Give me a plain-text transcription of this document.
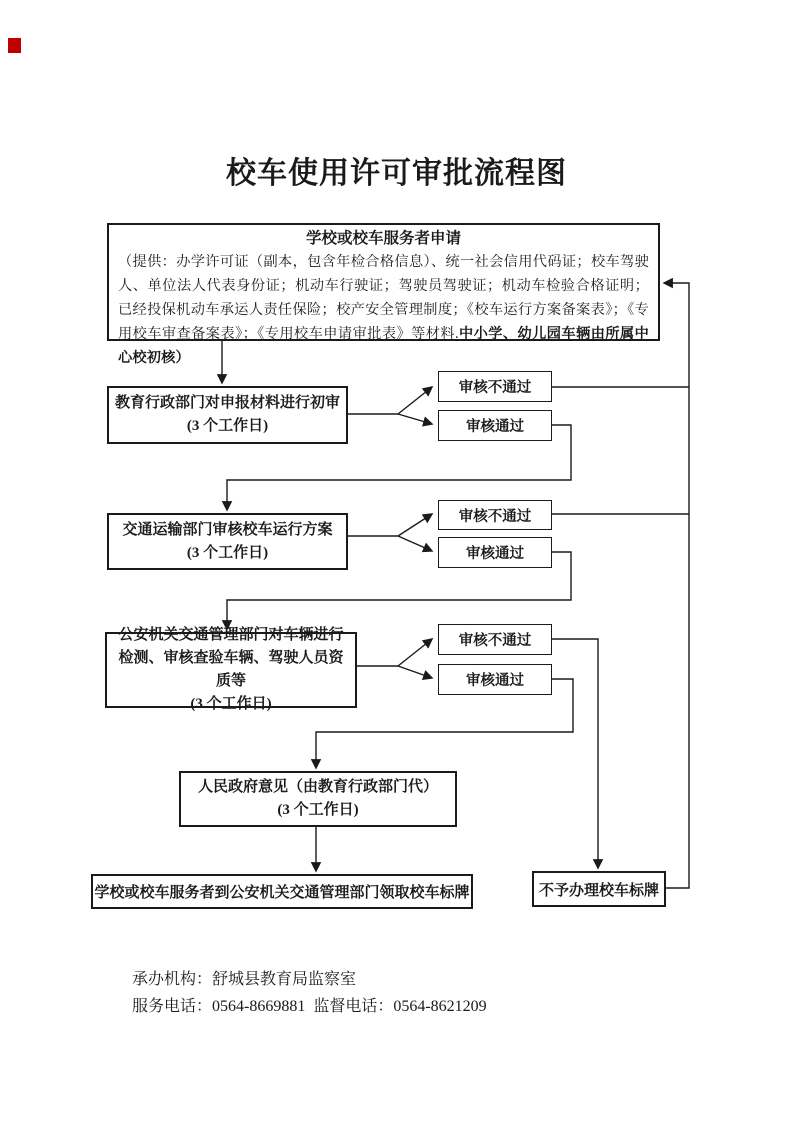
校车使用许可审批流程图
学校或校车服务者申请
（提供：办学许可证（副本，包含年检合格信息）、统一社会信用代码证；校车驾驶人、单位法人代表身份证；机动车行驶证；驾驶员驾驶证；机动车检验合格证明；已经投保机动车承运人责任保险；校产安全管理制度；《校车运行方案备案表》；《专用校车审查备案表》；《专用校车申请审批表》等材料.中小学、幼儿园车辆由所属中心校初核）
教育行政部门对申报材料进行初审
(3 个工作日)
审核不通过
审核通过
交通运输部门审核校车运行方案
(3 个工作日)
审核不通过
审核通过
公安机关交通管理部门对车辆进行检测、审核查验车辆、驾驶人员资质等
(3 个工作日)
审核不通过
审核通过
人民政府意见（由教育行政部门代）
(3 个工作日)
学校或校车服务者到公安机关交通管理部门领取校车标牌	不予办理校车标牌
承办机构：舒城县教育局监察室
服务电话：0564-8669881  监督电话：0564-8621209
